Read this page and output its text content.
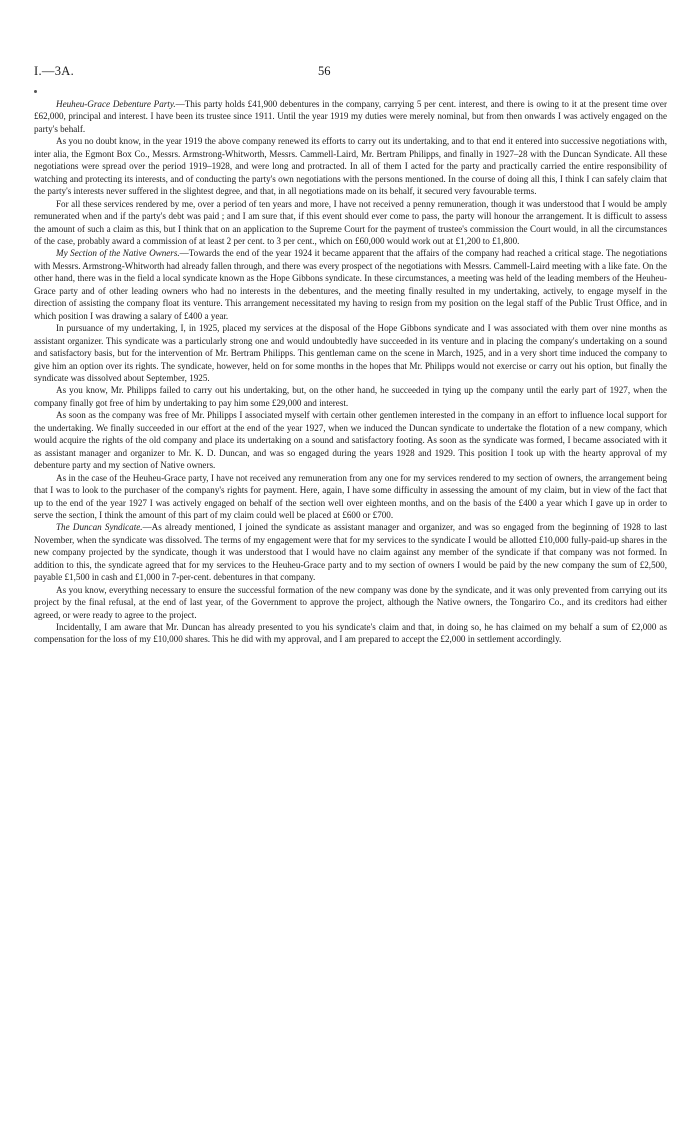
I.—3A.	56

Heuheu-Grace Debenture Party.—This party holds £41,900 debentures in the company, carrying 5 per cent. interest, and there is owing to it at the present time over £62,000, principal and interest. I have been its trustee since 1911. Until the year 1919 my duties were merely nominal, but from then onwards I was actively engaged on the party's behalf.

As you no doubt know, in the year 1919 the above company renewed its efforts to carry out its undertaking, and to that end it entered into successive negotiations with, inter alia, the Egmont Box Co., Messrs. Armstrong-Whitworth, Messrs. Cammell-Laird, Mr. Bertram Philipps, and finally in 1927–28 with the Duncan Syndicate. All these negotiations were spread over the period 1919–1928, and were long and protracted. In all of them I acted for the party and practically carried the entire responsibility of watching and protecting its interests, and of conducting the party's own negotiations with the persons mentioned. In the course of doing all this, I think I can safely claim that the party's interests never suffered in the slightest degree, and that, in all negotiations made on its behalf, it secured very favourable terms.

For all these services rendered by me, over a period of ten years and more, I have not received a penny remuneration, though it was understood that I would be amply remunerated when and if the party's debt was paid ; and I am sure that, if this event should ever come to pass, the party will honour the arrangement. It is difficult to assess the amount of such a claim as this, but I think that on an application to the Supreme Court for the payment of trustee's commission the Court would, in all the circumstances of the case, probably award a commission of at least 2 per cent. to 3 per cent., which on £60,000 would work out at £1,200 to £1,800.

My Section of the Native Owners.—Towards the end of the year 1924 it became apparent that the affairs of the company had reached a critical stage. The negotiations with Messrs. Armstrong-Whitworth had already fallen through, and there was every prospect of the negotiations with Messrs. Cammell-Laird meeting with a like fate. On the other hand, there was in the field a local syndicate known as the Hope Gibbons syndicate. In these circumstances, a meeting was held of the leading members of the Heuheu-Grace party and of other leading owners who had no interests in the debentures, and the meeting finally resulted in my undertaking, actively, to engage myself in the direction of assisting the company float its venture. This arrangement necessitated my having to resign from my position on the legal staff of the Public Trust Office, and in which position I was drawing a salary of £400 a year.

In pursuance of my undertaking, I, in 1925, placed my services at the disposal of the Hope Gibbons syndicate and I was associated with them over nine months as assistant organizer. This syndicate was a particularly strong one and would undoubtedly have succeeded in its venture and in placing the company's undertaking on a sound and satisfactory basis, but for the intervention of Mr. Bertram Philipps. This gentleman came on the scene in March, 1925, and in a very short time induced the company to give him an option over its rights. The syndicate, however, held on for some months in the hopes that Mr. Philipps would not exercise or carry out his option, but finally the syndicate was dissolved about September, 1925.

As you know, Mr. Philipps failed to carry out his undertaking, but, on the other hand, he succeeded in tying up the company until the early part of 1927, when the company finally got free of him by undertaking to pay him some £29,000 and interest.

As soon as the company was free of Mr. Philipps I associated myself with certain other gentlemen interested in the company in an effort to influence local support for the undertaking. We finally succeeded in our effort at the end of the year 1927, when we induced the Duncan syndicate to undertake the flotation of a new company, which would acquire the rights of the old company and place its undertaking on a sound and satisfactory footing. As soon as the syndicate was formed, I became associated with it as assistant manager and organizer to Mr. K. D. Duncan, and was so engaged during the years 1928 and 1929. This position I took up with the hearty approval of my debenture party and my section of Native owners.

As in the case of the Heuheu-Grace party, I have not received any remuneration from any one for my services rendered to my section of owners, the arrangement being that I was to look to the purchaser of the company's rights for payment. Here, again, I have some difficulty in assessing the amount of my claim, but in view of the fact that up to the end of the year 1927 I was actively engaged on behalf of the section well over eighteen months, and on the basis of the £400 a year which I gave up in order to serve the section, I think the amount of this part of my claim could well be placed at £600 or £700.

The Duncan Syndicate.—As already mentioned, I joined the syndicate as assistant manager and organizer, and was so engaged from the beginning of 1928 to last November, when the syndicate was dissolved. The terms of my engagement were that for my services to the syndicate I would be allotted £10,000 fully-paid-up shares in the new company projected by the syndicate, though it was understood that I would have no claim against any member of the syndicate if that company was not formed. In addition to this, the syndicate agreed that for my services to the Heuheu-Grace party and to my section of owners I would be paid by the new company the sum of £2,500, payable £1,500 in cash and £1,000 in 7-per-cent. debentures in that company.

As you know, everything necessary to ensure the successful formation of the new company was done by the syndicate, and it was only prevented from carrying out its project by the final refusal, at the end of last year, of the Government to approve the project, although the Native owners, the Tongariro Co., and its creditors had either agreed, or were ready to agree to the project.

Incidentally, I am aware that Mr. Duncan has already presented to you his syndicate's claim and that, in doing so, he has claimed on my behalf a sum of £2,000 as compensation for the loss of my £10,000 shares. This he did with my approval, and I am prepared to accept the £2,000 in settlement accordingly.
